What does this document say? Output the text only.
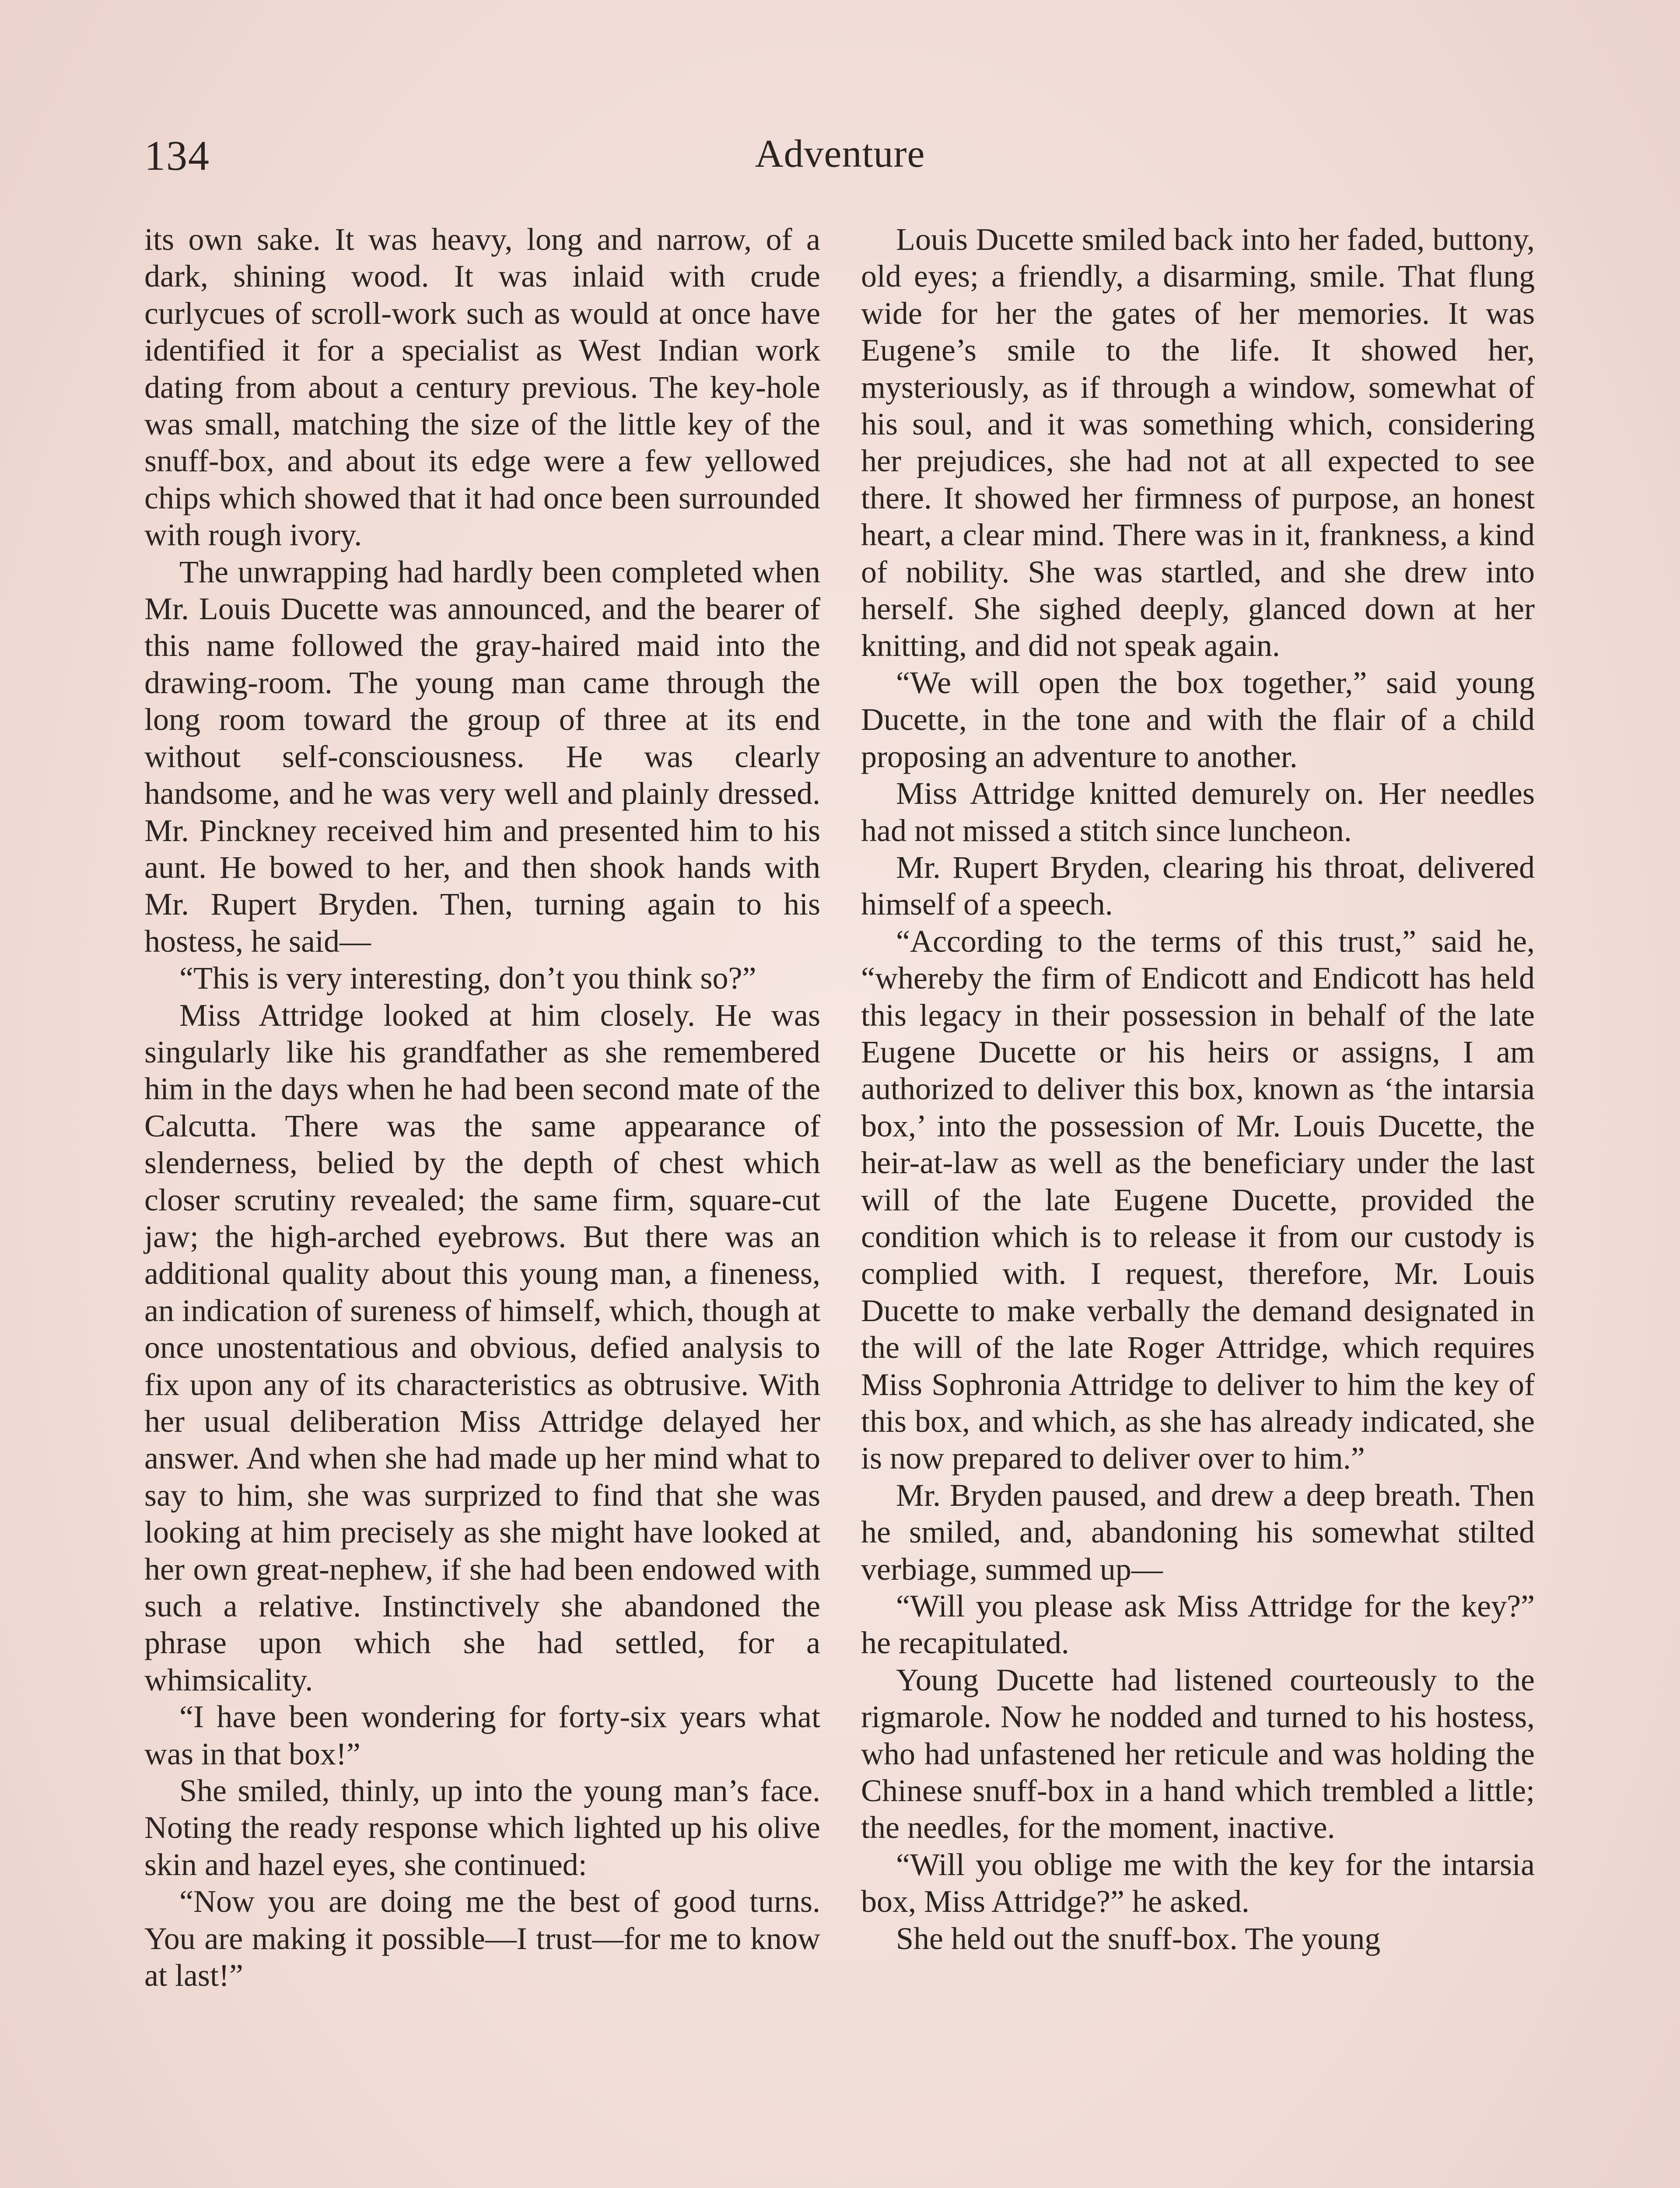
134	Adventure

its own sake. It was heavy, long and narrow, of a dark, shining wood. It was inlaid with crude curlycues of scroll-work such as would at once have identified it for a specialist as West Indian work dating from about a century previous. The key-hole was small, matching the size of the little key of the snuff-box, and about its edge were a few yellowed chips which showed that it had once been surrounded with rough ivory.

The unwrapping had hardly been completed when Mr. Louis Ducette was announced, and the bearer of this name followed the gray-haired maid into the drawing-room. The young man came through the long room toward the group of three at its end without self-consciousness. He was clearly handsome, and he was very well and plainly dressed. Mr. Pinckney received him and presented him to his aunt. He bowed to her, and then shook hands with Mr. Rupert Bryden. Then, turning again to his hostess, he said—

“This is very interesting, don’t you think so?”

Miss Attridge looked at him closely. He was singularly like his grandfather as she remembered him in the days when he had been second mate of the Calcutta. There was the same appearance of slenderness, belied by the depth of chest which closer scrutiny revealed; the same firm, square-cut jaw; the high-arched eyebrows. But there was an additional quality about this young man, a fineness, an indication of sureness of himself, which, though at once unostentatious and obvious, defied analysis to fix upon any of its characteristics as obtrusive. With her usual deliberation Miss Attridge delayed her answer. And when she had made up her mind what to say to him, she was surprized to find that she was looking at him precisely as she might have looked at her own great-nephew, if she had been endowed with such a relative. Instinctively she abandoned the phrase upon which she had settled, for a whimsicality.

“I have been wondering for forty-six years what was in that box!”

She smiled, thinly, up into the young man’s face. Noting the ready response which lighted up his olive skin and hazel eyes, she continued:

“Now you are doing me the best of good turns. You are making it possible—I trust—for me to know at last!”

Louis Ducette smiled back into her faded, buttony, old eyes; a friendly, a disarming, smile. That flung wide for her the gates of her memories. It was Eugene’s smile to the life. It showed her, mysteriously, as if through a window, somewhat of his soul, and it was something which, considering her prejudices, she had not at all expected to see there. It showed her firmness of purpose, an honest heart, a clear mind. There was in it, frankness, a kind of nobility. She was startled, and she drew into herself. She sighed deeply, glanced down at her knitting, and did not speak again.

“We will open the box together,” said young Ducette, in the tone and with the flair of a child proposing an adventure to another.

Miss Attridge knitted demurely on. Her needles had not missed a stitch since luncheon.

Mr. Rupert Bryden, clearing his throat, delivered himself of a speech.

“According to the terms of this trust,” said he, “whereby the firm of Endicott and Endicott has held this legacy in their possession in behalf of the late Eugene Ducette or his heirs or assigns, I am authorized to deliver this box, known as ‘the intarsia box,’ into the possession of Mr. Louis Ducette, the heir-at-law as well as the beneficiary under the last will of the late Eugene Ducette, provided the condition which is to release it from our custody is complied with. I request, therefore, Mr. Louis Ducette to make verbally the demand designated in the will of the late Roger Attridge, which requires Miss Sophronia Attridge to deliver to him the key of this box, and which, as she has already indicated, she is now prepared to deliver over to him.”

Mr. Bryden paused, and drew a deep breath. Then he smiled, and, abandoning his somewhat stilted verbiage, summed up—

“Will you please ask Miss Attridge for the key?” he recapitulated.

Young Ducette had listened courteously to the rigmarole. Now he nodded and turned to his hostess, who had unfastened her reticule and was holding the Chinese snuff-box in a hand which trembled a little; the needles, for the moment, inactive.

“Will you oblige me with the key for the intarsia box, Miss Attridge?” he asked.

She held out the snuff-box. The young
